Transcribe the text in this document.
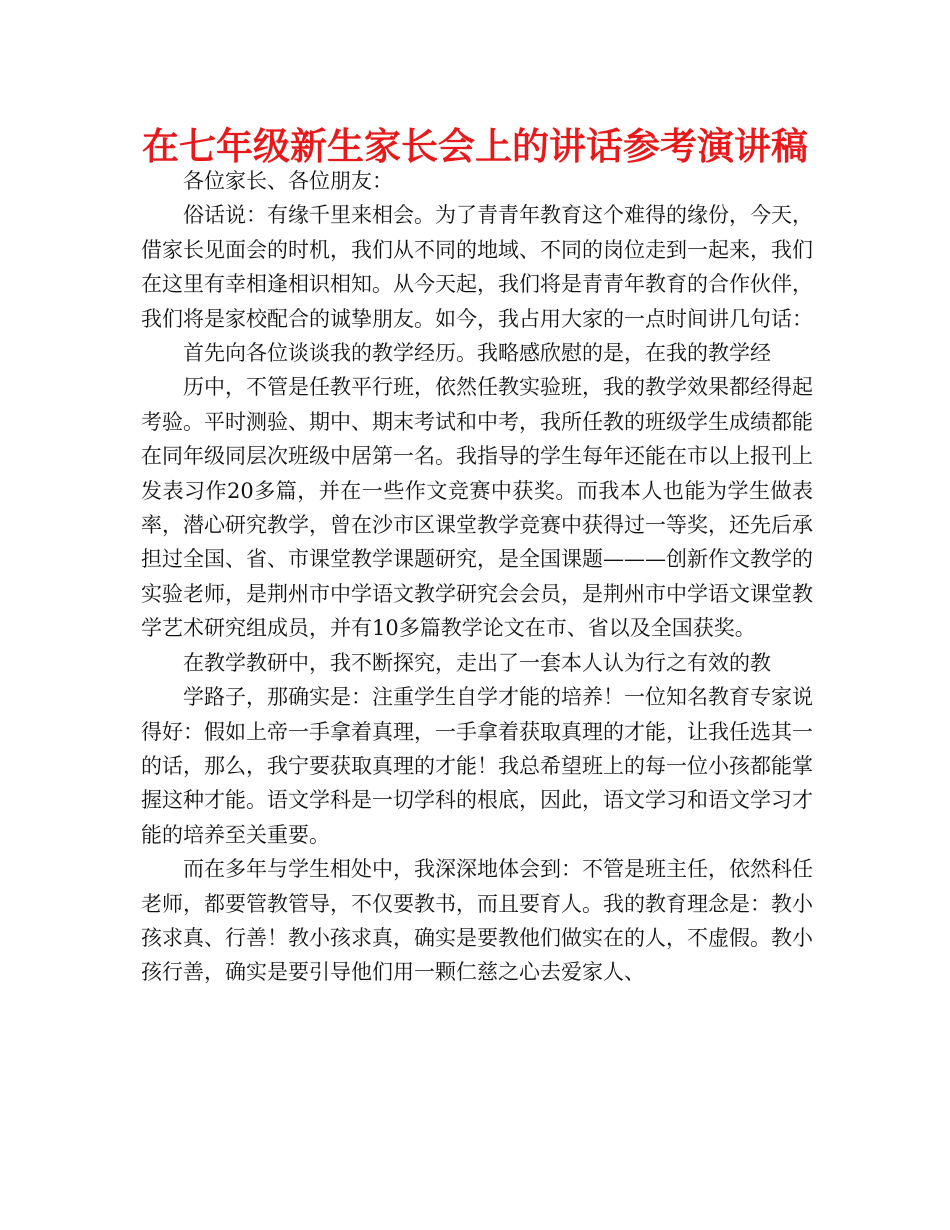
在七年级新生家长会上的讲话参考演讲稿

各位家长、各位朋友：

俗话说：有缘千里来相会。为了青青年教育这个难得的缘份，今天，借家长见面会的时机，我们从不同的地域、不同的岗位走到一起来，我们在这里有幸相逢相识相知。从今天起，我们将是青青年教育的合作伙伴，我们将是家校配合的诚挚朋友。如今，我占用大家的一点时间讲几句话：

首先向各位谈谈我的教学经历。我略感欣慰的是，在我的教学经

历中，不管是任教平行班，依然任教实验班，我的教学效果都经得起考验。平时测验、期中、期末考试和中考，我所任教的班级学生成绩都能在同年级同层次班级中居第一名。我指导的学生每年还能在市以上报刊上发表习作20多篇，并在一些作文竞赛中获奖。而我本人也能为学生做表率，潜心研究教学，曾在沙市区课堂教学竞赛中获得过一等奖，还先后承担过全国、省、市课堂教学课题研究，是全国课题———创新作文教学的实验老师，是荆州市中学语文教学研究会会员，是荆州市中学语文课堂教学艺术研究组成员，并有10多篇教学论文在市、省以及全国获奖。

在教学教研中，我不断探究，走出了一套本人认为行之有效的教

学路子，那确实是：注重学生自学才能的培养！一位知名教育专家说得好：假如上帝一手拿着真理，一手拿着获取真理的才能，让我任选其一的话，那么，我宁要获取真理的才能！我总希望班上的每一位小孩都能掌握这种才能。语文学科是一切学科的根底，因此，语文学习和语文学习才能的培养至关重要。

而在多年与学生相处中，我深深地体会到：不管是班主任，依然科任老师，都要管教管导，不仅要教书，而且要育人。我的教育理念是：教小孩求真、行善！教小孩求真，确实是要教他们做实在的人，不虚假。教小孩行善，确实是要引导他们用一颗仁慈之心去爱家人、
